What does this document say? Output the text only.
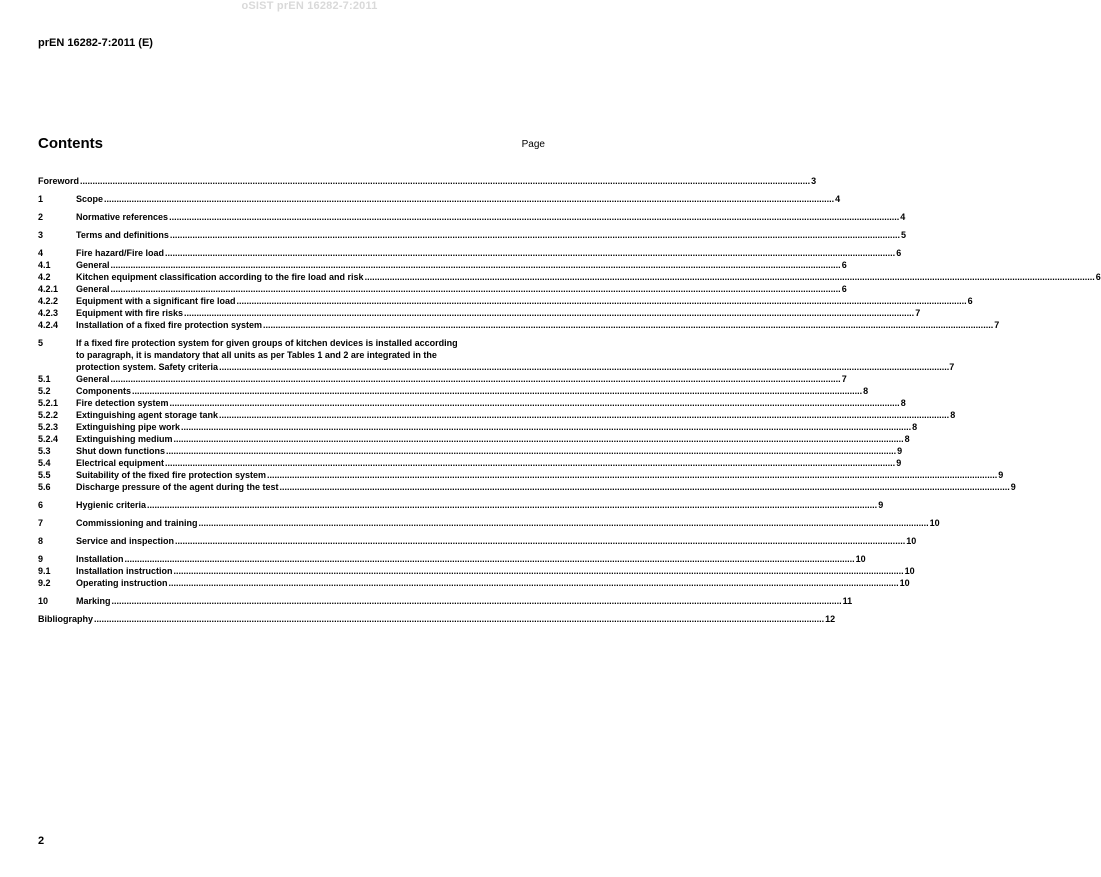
oSIST prEN 16282-7:2011
prEN 16282-7:2011 (E)
Contents	Page
Foreword .....	3
1	Scope .....	4
2	Normative references .....	4
3	Terms and definitions .....	5
4	Fire hazard/Fire load .....	6
4.1	General .....	6
4.2	Kitchen equipment classification according to the fire load and risk .....	6
4.2.1	General .....	6
4.2.2	Equipment with a significant fire load .....	6
4.2.3	Equipment with fire risks .....	7
4.2.4	Installation of a fixed fire protection system .....	7
5	If a fixed fire protection system for given groups of kitchen devices is installed according
to paragraph, it is mandatory that all units as per Tables 1 and 2 are integrated in the
protection system. Safety criteria .....	7
5.1	General .....	7
5.2	Components .....	8
5.2.1	Fire detection system .....	8
5.2.2	Extinguishing agent storage tank .....	8
5.2.3	Extinguishing pipe work .....	8
5.2.4	Extinguishing medium .....	8
5.3	Shut down functions .....	9
5.4	Electrical equipment .....	9
5.5	Suitability of the fixed fire protection system .....	9
5.6	Discharge pressure of the agent during the test .....	9
6	Hygienic criteria .....	9
7	Commissioning and training .....	10
8	Service and inspection .....	10
9	Installation .....	10
9.1	Installation instruction .....	10
9.2	Operating instruction .....	10
10	Marking .....	11
Bibliography .....	12
2
